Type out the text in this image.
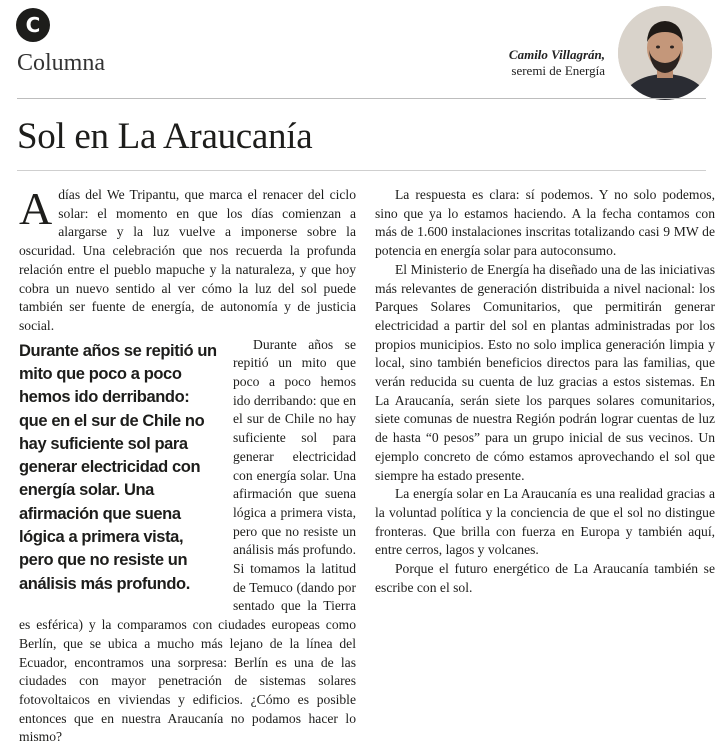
C
Columna	Camilo Villagrán,
seremi de Energía
Sol en La Araucanía

Adías del We Tripantu, que marca el renacer del ciclo solar: el momento en que los días comienzan a alargarse y la luz vuelve a imponerse sobre la oscuridad. Una celebración que nos recuerda la profunda relación entre el pueblo mapuche y la naturaleza, y que hoy cobra un nuevo sentido al ver cómo la luz del sol puede también ser fuente de energía, de autonomía y de justicia social.

Durante años se repitió un mito que poco a poco hemos ido derribando: que en el sur de Chile no hay suficiente sol para generar electricidad con energía solar. Una afirmación que suena lógica a primera vista, pero que no resiste un análisis más profundo.

Durante años se repitió un mito que poco a poco hemos ido derribando: que en el sur de Chile no hay suficiente sol para generar electricidad con energía solar. Una afirmación que suena lógica a primera vista, pero que no resiste un análisis más profundo. Si tomamos la latitud de Temuco (dando por sentado que la Tierra es esférica) y la comparamos con ciudades europeas como Berlín, que se ubica a mucho más lejano de la línea del Ecuador, encontramos una sorpresa: Berlín es una de las ciudades con mayor penetración de sistemas solares fotovoltaicos en viviendas y edificios. ¿Cómo es posible entonces que en nuestra Araucanía no podamos hacer lo mismo?

La respuesta es clara: sí podemos. Y no solo podemos, sino que ya lo estamos haciendo. A la fecha contamos con más de 1.600 instalaciones inscritas totalizando casi 9 MW de potencia en energía solar para autoconsumo.

El Ministerio de Energía ha diseñado una de las iniciativas más relevantes de generación distribuida a nivel nacional: los Parques Solares Comunitarios, que permitirán generar electricidad a partir del sol en plantas administradas por los propios municipios. Esto no solo implica generación limpia y local, sino también beneficios directos para las familias, que verán reducida su cuenta de luz gracias a estos sistemas. En La Araucanía, serán siete los parques solares comunitarios, siete comunas de nuestra Región podrán lograr cuentas de luz de hasta “0 pesos” para un grupo inicial de sus vecinos. Un ejemplo concreto de cómo estamos aprovechando el sol que siempre ha estado presente.

La energía solar en La Araucanía es una realidad gracias a la voluntad política y la conciencia de que el sol no distingue fronteras. Que brilla con fuerza en Europa y también aquí, entre cerros, lagos y volcanes.

Porque el futuro energético de La Araucanía también se escribe con el sol.
